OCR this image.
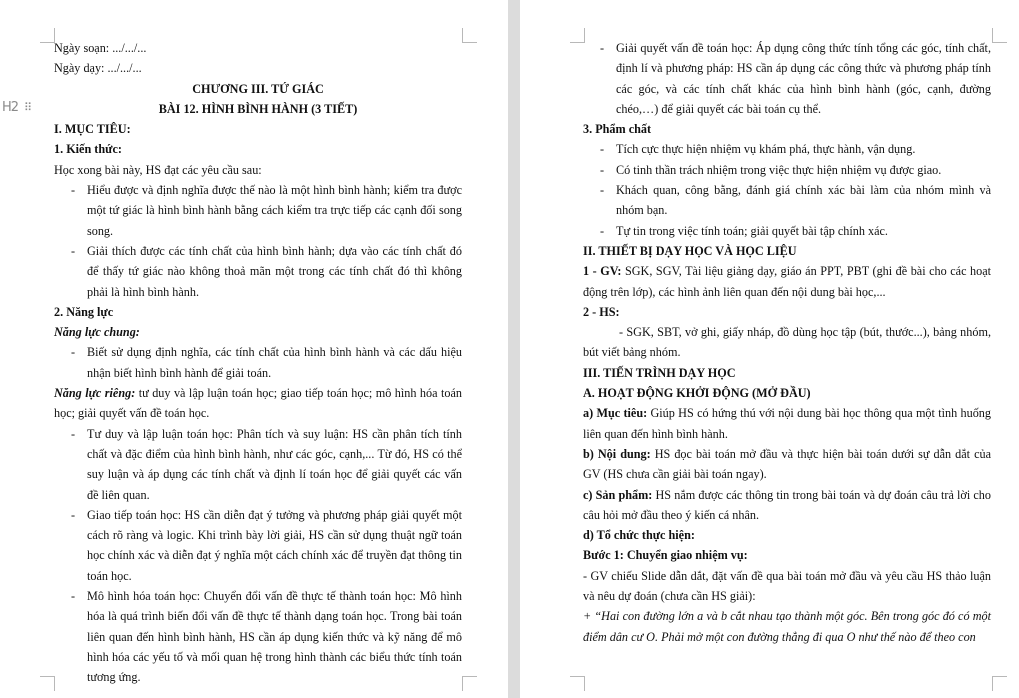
H2 ⠿

Ngày soạn: .../.../...

Ngày dạy: .../.../...

CHƯƠNG III. TỨ GIÁC

BÀI 12. HÌNH BÌNH HÀNH (3 TIẾT)

I. MỤC TIÊU:

1. Kiến thức:

Học xong bài này, HS đạt các yêu cầu sau:

- Hiểu được và định nghĩa được thế nào là một hình bình hành; kiểm tra được một tứ giác là hình bình hành bằng cách kiểm tra trực tiếp các cạnh đối song song.

- Giải thích được các tính chất của hình bình hành; dựa vào các tính chất đó để thấy tứ giác nào không thoả mãn một trong các tính chất đó thì không phải là hình bình hành.

2. Năng lực

Năng lực chung:

- Biết sử dụng định nghĩa, các tính chất của hình bình hành và các dấu hiệu nhận biết hình bình hành để giải toán.

Năng lực riêng: tư duy và lập luận toán học; giao tiếp toán học; mô hình hóa toán học; giải quyết vấn đề toán học.

- Tư duy và lập luận toán học: Phân tích và suy luận: HS cần phân tích tính chất và đặc điểm của hình bình hành, như các góc, cạnh,... Từ đó, HS có thể suy luận và áp dụng các tính chất và định lí toán học để giải quyết các vấn đề liên quan.

- Giao tiếp toán học: HS cần diễn đạt ý tưởng và phương pháp giải quyết một cách rõ ràng và logic. Khi trình bày lời giải, HS cần sử dụng thuật ngữ toán học chính xác và diễn đạt ý nghĩa một cách chính xác để truyền đạt thông tin toán học.

- Mô hình hóa toán học: Chuyển đổi vấn đề thực tế thành toán học: Mô hình hóa là quá trình biến đổi vấn đề thực tế thành dạng toán học. Trong bài toán liên quan đến hình bình hành, HS cần áp dụng kiến thức và kỹ năng để mô hình hóa các yếu tố và mối quan hệ trong hình thành các biểu thức tính toán tương ứng.

- Giải quyết vấn đề toán học: Áp dụng công thức tính tổng các góc, tính chất, định lí và phương pháp: HS cần áp dụng các công thức và phương pháp tính các góc, và các tính chất khác của hình bình hành (góc, cạnh, đường chéo,…) để giải quyết các bài toán cụ thể.

3. Phẩm chất

- Tích cực thực hiện nhiệm vụ khám phá, thực hành, vận dụng.

- Có tinh thần trách nhiệm trong việc thực hiện nhiệm vụ được giao.

- Khách quan, công bằng, đánh giá chính xác bài làm của nhóm mình và nhóm bạn.

- Tự tin trong việc tính toán; giải quyết bài tập chính xác.

II. THIẾT BỊ DẠY HỌC VÀ HỌC LIỆU

1 - GV: SGK, SGV, Tài liệu giảng dạy, giáo án PPT, PBT (ghi đề bài cho các hoạt động trên lớp), các hình ảnh liên quan đến nội dung bài học,...

2 - HS:

- SGK, SBT, vở ghi, giấy nháp, đồ dùng học tập (bút, thước...), bảng nhóm, bút viết bảng nhóm.

III. TIẾN TRÌNH DẠY HỌC

A. HOẠT ĐỘNG KHỞI ĐỘNG (MỞ ĐẦU)

a) Mục tiêu: Giúp HS có hứng thú với nội dung bài học thông qua một tình huống liên quan đến hình bình hành.

b) Nội dung: HS đọc bài toán mở đầu và thực hiện bài toán dưới sự dẫn dắt của GV (HS chưa cần giải bài toán ngay).

c) Sản phẩm: HS nắm được các thông tin trong bài toán và dự đoán câu trả lời cho câu hỏi mở đầu theo ý kiến cá nhân.

d) Tổ chức thực hiện:

Bước 1: Chuyển giao nhiệm vụ:

- GV chiếu Slide dẫn dắt, đặt vấn đề qua bài toán mở đầu và yêu cầu HS thảo luận và nêu dự đoán (chưa cần HS giải):

+ “Hai con đường lớn a và b cắt nhau tạo thành một góc. Bên trong góc đó có một điểm dân cư O. Phải mở một con đường thẳng đi qua O như thế nào để theo con
